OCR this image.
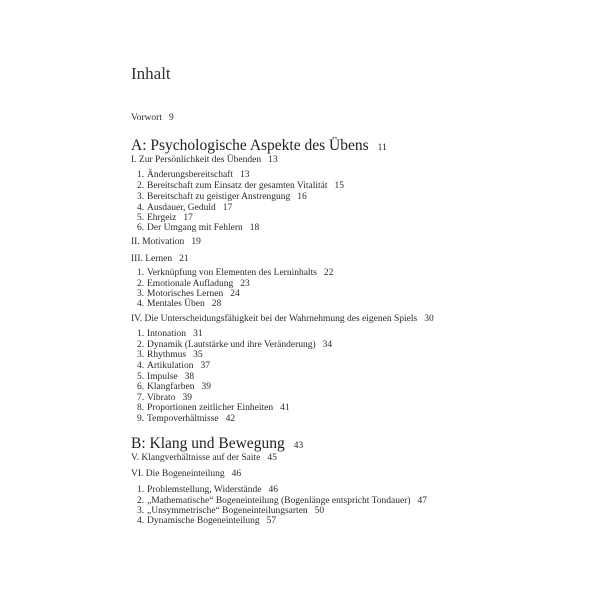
Inhalt
Vorwort 9
A: Psychologische Aspekte des Übens 11
I. Zur Persönlichkeit des Übenden 13
1. Änderungsbereitschaft 13
2. Bereitschaft zum Einsatz der gesamten Vitalität 15
3. Bereitschaft zu geistiger Anstrengung 16
4. Ausdauer, Geduld 17
5. Ehrgeiz 17
6. Der Umgang mit Fehlern 18
II. Motivation 19
III. Lernen 21
1. Verknüpfung von Elementen des Lerninhalts 22
2. Emotionale Aufladung 23
3. Motorisches Lernen 24
4. Mentales Üben 28
IV. Die Unterscheidungsfähigkeit bei der Wahrnehmung des eigenen Spiels 30
1. Intonation 31
2. Dynamik (Lautstärke und ihre Veränderung) 34
3. Rhythmus 35
4. Artikulation 37
5. Impulse 38
6. Klangfarben 39
7. Vibrato 39
8. Proportionen zeitlicher Einheiten 41
9. Tempoverhältnisse 42
B: Klang und Bewegung 43
V. Klangverhältnisse auf der Saite 45
VI. Die Bogeneinteilung 46
1. Problemstellung, Widerstände 46
2. „Mathematische“ Bogeneinteilung (Bogenlänge entspricht Tondauer) 47
3. „Unsymmetrische“ Bogeneinteilungsarten 50
4. Dynamische Bogeneinteilung 57
